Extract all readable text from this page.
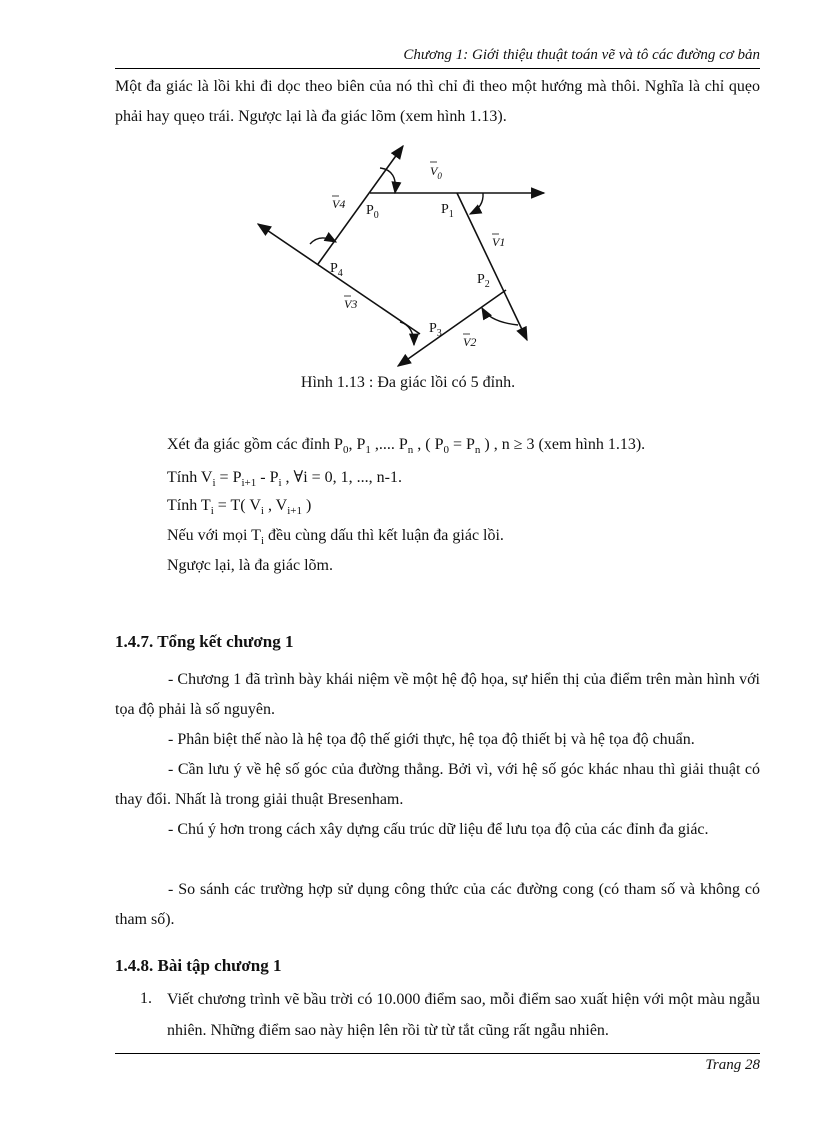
Chương 1: Giới thiệu thuật toán vẽ và tô các đường cơ bản
Một đa giác là lồi khi đi dọc theo biên của nó thì chỉ đi theo một hướng mà thôi. Nghĩa là chỉ quẹo phải hay quẹo trái. Ngược lại là đa giác lõm (xem hình 1.13).
$P_0$	$P_1$
$P_2$
$P_3$
$P_4$
$V_0$
V1
V2
V3
V4
Hình 1.13 : Đa giác lồi có 5 đỉnh.
Xét đa giác gồm các đỉnh $P_0$, $P_1$ ,.... $P_n$ , ( $P_0 = P_n$ ) , n ≥ 3 (xem hình 1.13).
Tính $V_i = P_{i+1} - P_i$ , ∀i = 0, 1, ..., n-1.
Tính $T_i = T$( $V_i$ , $V_{i+1}$ )
Nếu với mọi $T_i$ đều cùng dấu thì kết luận đa giác lồi.
Ngược lại, là đa giác lõm.
1.4.7. Tổng kết chương 1
- Chương 1 đã trình bày khái niệm về một hệ độ họa, sự hiển thị của điểm trên màn hình với tọa độ phải là số nguyên.
- Phân biệt thế nào là hệ tọa độ thế giới thực, hệ tọa độ thiết bị và hệ tọa độ chuẩn.
- Cần lưu ý về hệ số góc của đường thẳng. Bởi vì, với hệ số góc khác nhau thì giải thuật có thay đổi. Nhất là trong giải thuật Bresenham.
- Chú ý hơn trong cách xây dựng cấu trúc dữ liệu để lưu tọa độ của các đỉnh đa giác.
- So sánh các trường hợp sử dụng công thức của các đường cong (có tham số và không có tham số).
1.4.8. Bài tập chương 1
1. Viết chương trình vẽ bầu trời có 10.000 điểm sao, mỗi điểm sao xuất hiện với một màu ngẫu nhiên. Những điểm sao này hiện lên rồi từ từ tắt cũng rất ngẫu nhiên.
Trang 28
